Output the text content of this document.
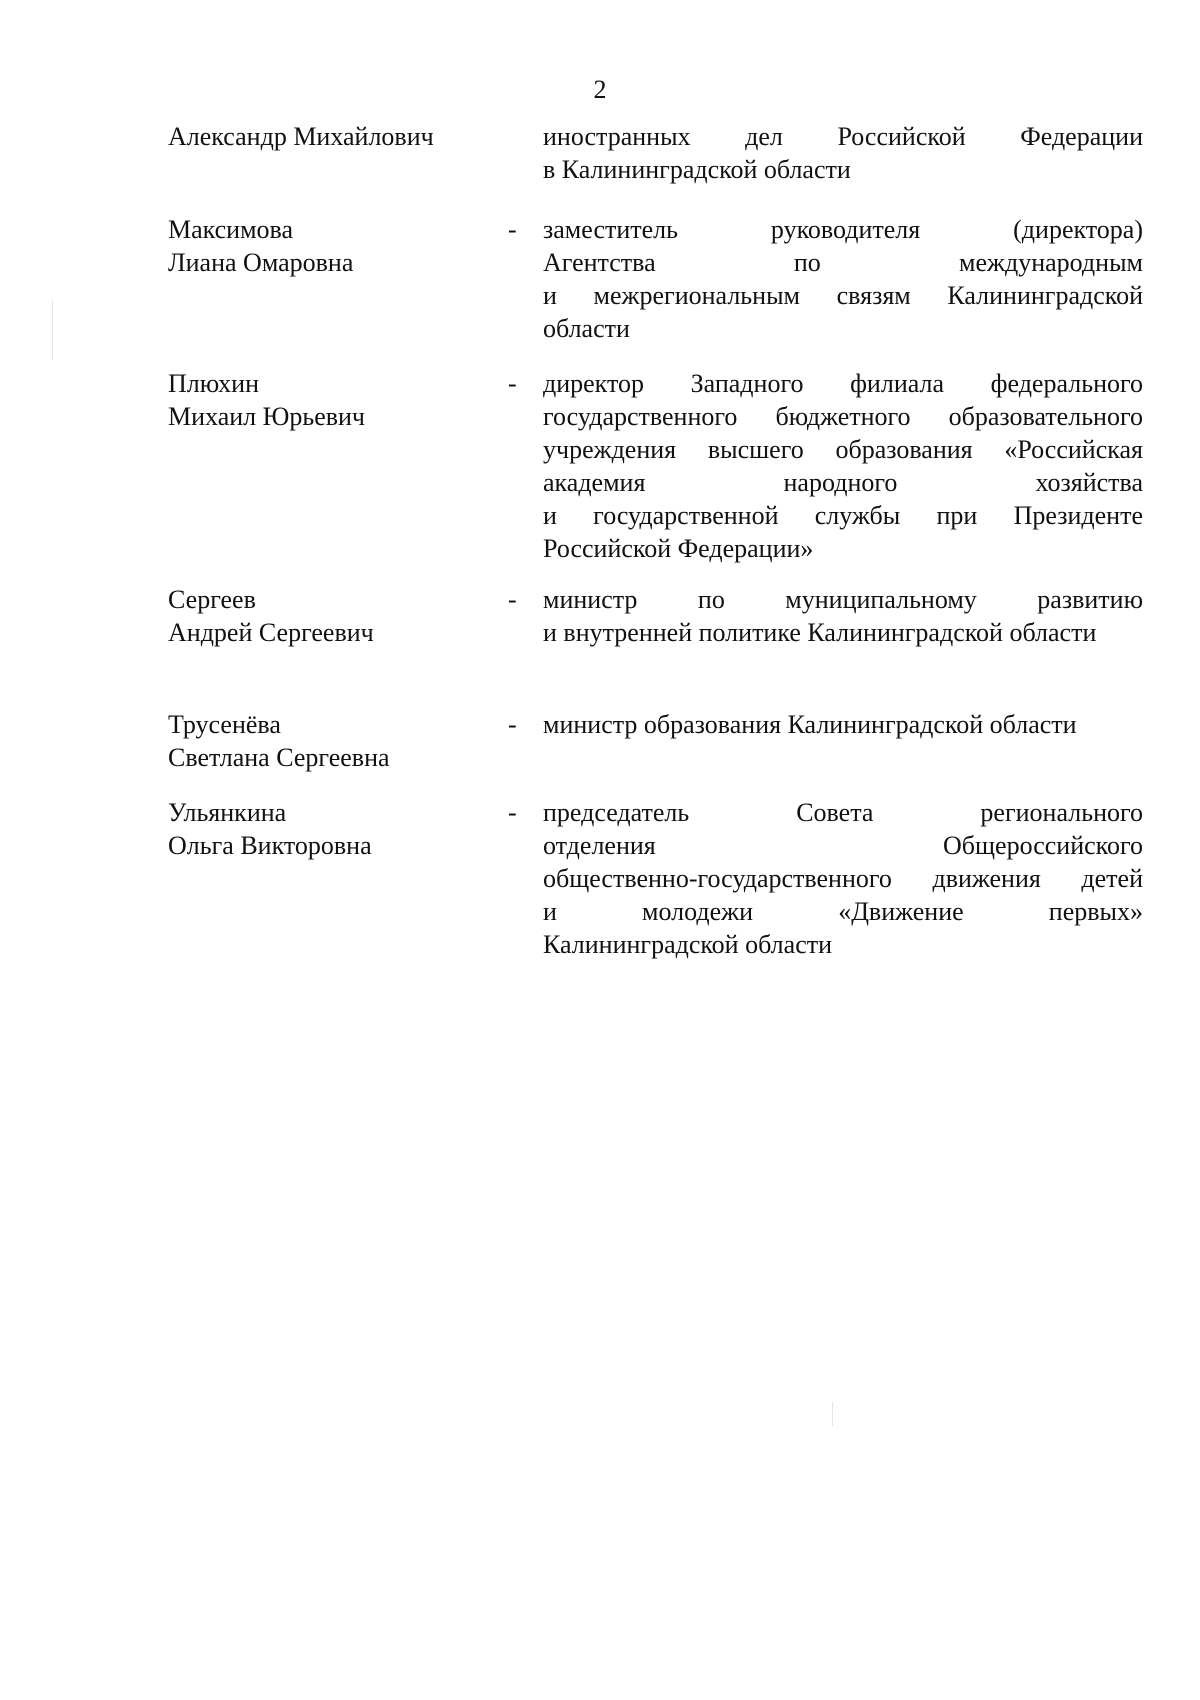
2
Александр Михайлович	иностранных дел Российской Федерации
в Калининградской области
Максимова
Лиана Омаровна
- заместитель руководителя (директора)
Агентства по международным
и межрегиональным связям Калининградской
области
Плюхин
Михаил Юрьевич
- директор Западного филиала федерального
государственного бюджетного образовательного
учреждения высшего образования «Российская
академия народного хозяйства
и государственной службы при Президенте
Российской Федерации»
Сергеев
Андрей Сергеевич
- министр по муниципальному развитию
и внутренней политике Калининградской области
Трусенёва
Светлана Сергеевна
- министр образования Калининградской области
Ульянкина
Ольга Викторовна
- председатель Совета регионального
отделения Общероссийского
общественно-государственного движения детей
и молодежи «Движение первых»
Калининградской области
